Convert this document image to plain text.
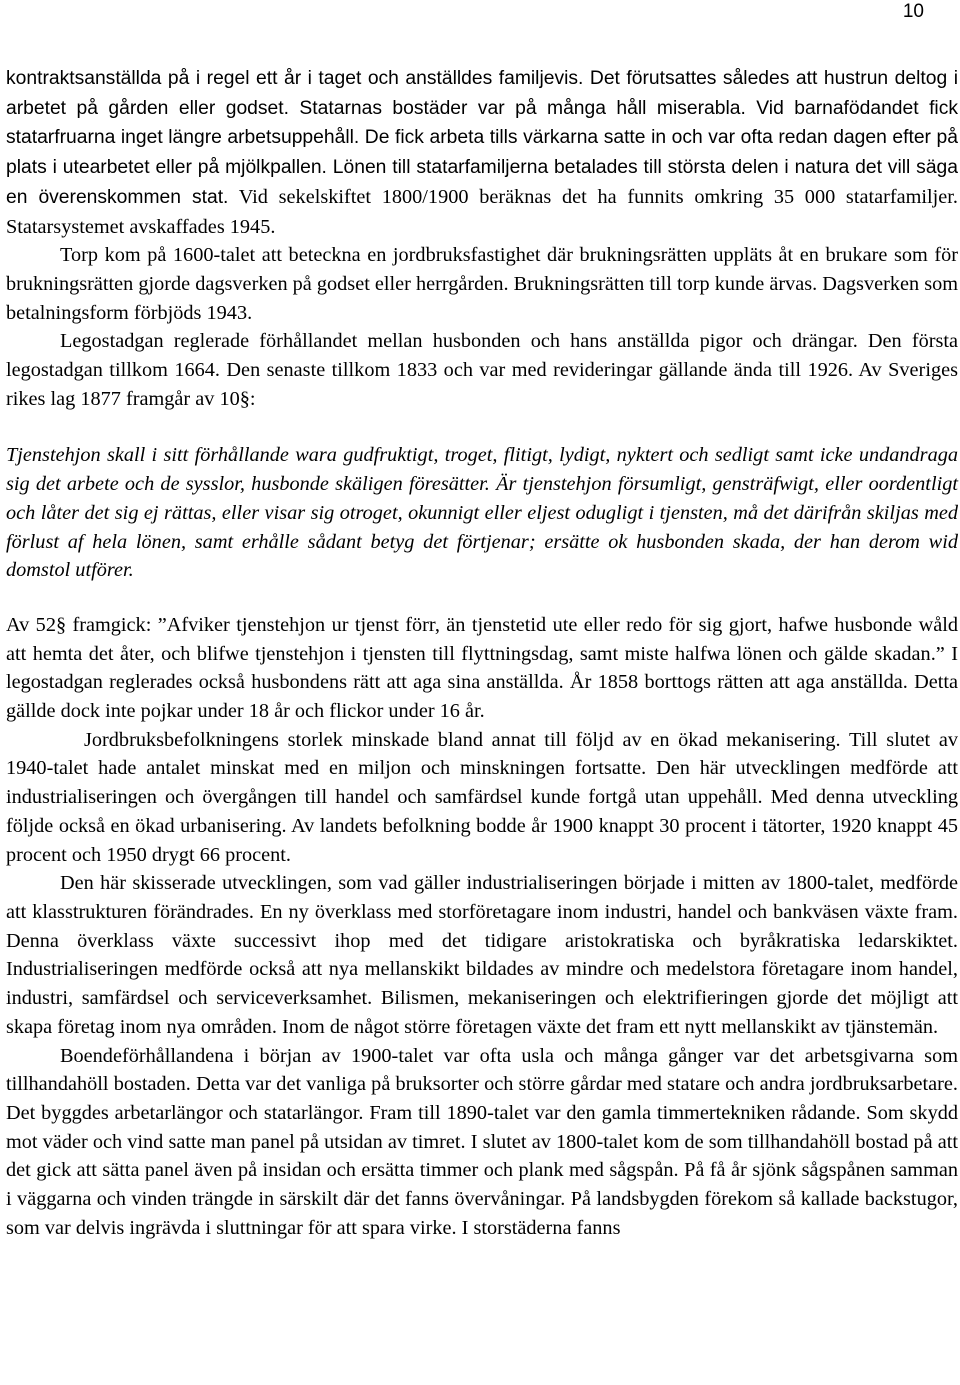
10

kontraktsanställda på i regel ett år i taget och anställdes familjevis. Det förutsattes således att hustrun deltog i arbetet på gården eller godset. Statarnas bostäder var på många håll miserabla. Vid barnafödandet fick statarfruarna inget längre arbetsuppehåll. De fick arbeta tills värkarna satte in och var ofta redan dagen efter på plats i utearbetet eller på mjölkpallen. Lönen till statarfamiljerna betalades till största delen i natura det vill säga en överenskommen stat. Vid sekelskiftet 1800/1900 beräknas det ha funnits omkring 35 000 statarfamiljer. Statarsystemet avskaffades 1945.

Torp kom på 1600-talet att beteckna en jordbruksfastighet där brukningsrätten uppläts åt en brukare som för brukningsrätten gjorde dagsverken på godset eller herrgården. Brukningsrätten till torp kunde ärvas. Dagsverken som betalningsform förbjöds 1943.

Legostadgan reglerade förhållandet mellan husbonden och hans anställda pigor och drängar. Den första legostadgan tillkom 1664. Den senaste tillkom 1833 och var med revideringar gällande ända till 1926. Av Sveriges rikes lag 1877 framgår av 10§:

Tjenstehjon skall i sitt förhållande wara gudfruktigt, troget, flitigt, lydigt, nyktert och sedligt samt icke undandraga sig det arbete och de sysslor, husbonde skäligen föresätter. Är tjenstehjon försumligt, gensträfwigt, eller oordentligt och låter det sig ej rättas, eller visar sig otroget, okunnigt eller eljest odugligt i tjensten, må det därifrån skiljas med förlust af hela lönen, samt erhålle sådant betyg det förtjenar; ersätte ok husbonden skada, der han derom wid domstol utförer.

Av 52§ framgick: ”Afviker tjenstehjon ur tjenst förr, än tjenstetid ute eller redo för sig gjort, hafwe husbonde wåld att hemta det åter, och blifwe tjenstehjon i tjensten till flyttningsdag, samt miste halfwa lönen och gälde skadan.” I legostadgan reglerades också husbondens rätt att aga sina anställda. År 1858 borttogs rätten att aga anställda. Detta gällde dock inte pojkar under 18 år och flickor under 16 år.

Jordbruksbefolkningens storlek minskade bland annat till följd av en ökad mekanisering. Till slutet av 1940-talet hade antalet minskat med en miljon och minskningen fortsatte. Den här utvecklingen medförde att industrialiseringen och övergången till handel och samfärdsel kunde fortgå utan uppehåll. Med denna utveckling följde också en ökad urbanisering. Av landets befolkning bodde år 1900 knappt 30 procent i tätorter, 1920 knappt 45 procent och 1950 drygt 66 procent.

Den här skisserade utvecklingen, som vad gäller industrialiseringen började i mitten av 1800-talet, medförde att klasstrukturen förändrades. En ny överklass med storföretagare inom industri, handel och bankväsen växte fram. Denna överklass växte successivt ihop med det tidigare aristokratiska och byråkratiska ledarskiktet. Industrialiseringen medförde också att nya mellanskikt bildades av mindre och medelstora företagare inom handel, industri, samfärdsel och serviceverksamhet. Bilismen, mekaniseringen och elektrifieringen gjorde det möjligt att skapa företag inom nya områden. Inom de något större företagen växte det fram ett nytt mellanskikt av tjänstemän.

Boendeförhållandena i början av 1900-talet var ofta usla och många gånger var det arbetsgivarna som tillhandahöll bostaden. Detta var det vanliga på bruksorter och större gårdar med statare och andra jordbruksarbetare. Det byggdes arbetarlängor och statarlängor. Fram till 1890-talet var den gamla timmertekniken rådande. Som skydd mot väder och vind satte man panel på utsidan av timret. I slutet av 1800-talet kom de som tillhandahöll bostad på att det gick att sätta panel även på insidan och ersätta timmer och plank med sågspån. På få år sjönk sågspånen samman i väggarna och vinden trängde in särskilt där det fanns övervåningar. På landsbygden förekom så kallade backstugor, som var delvis ingrävda i sluttningar för att spara virke. I storstäderna fanns
